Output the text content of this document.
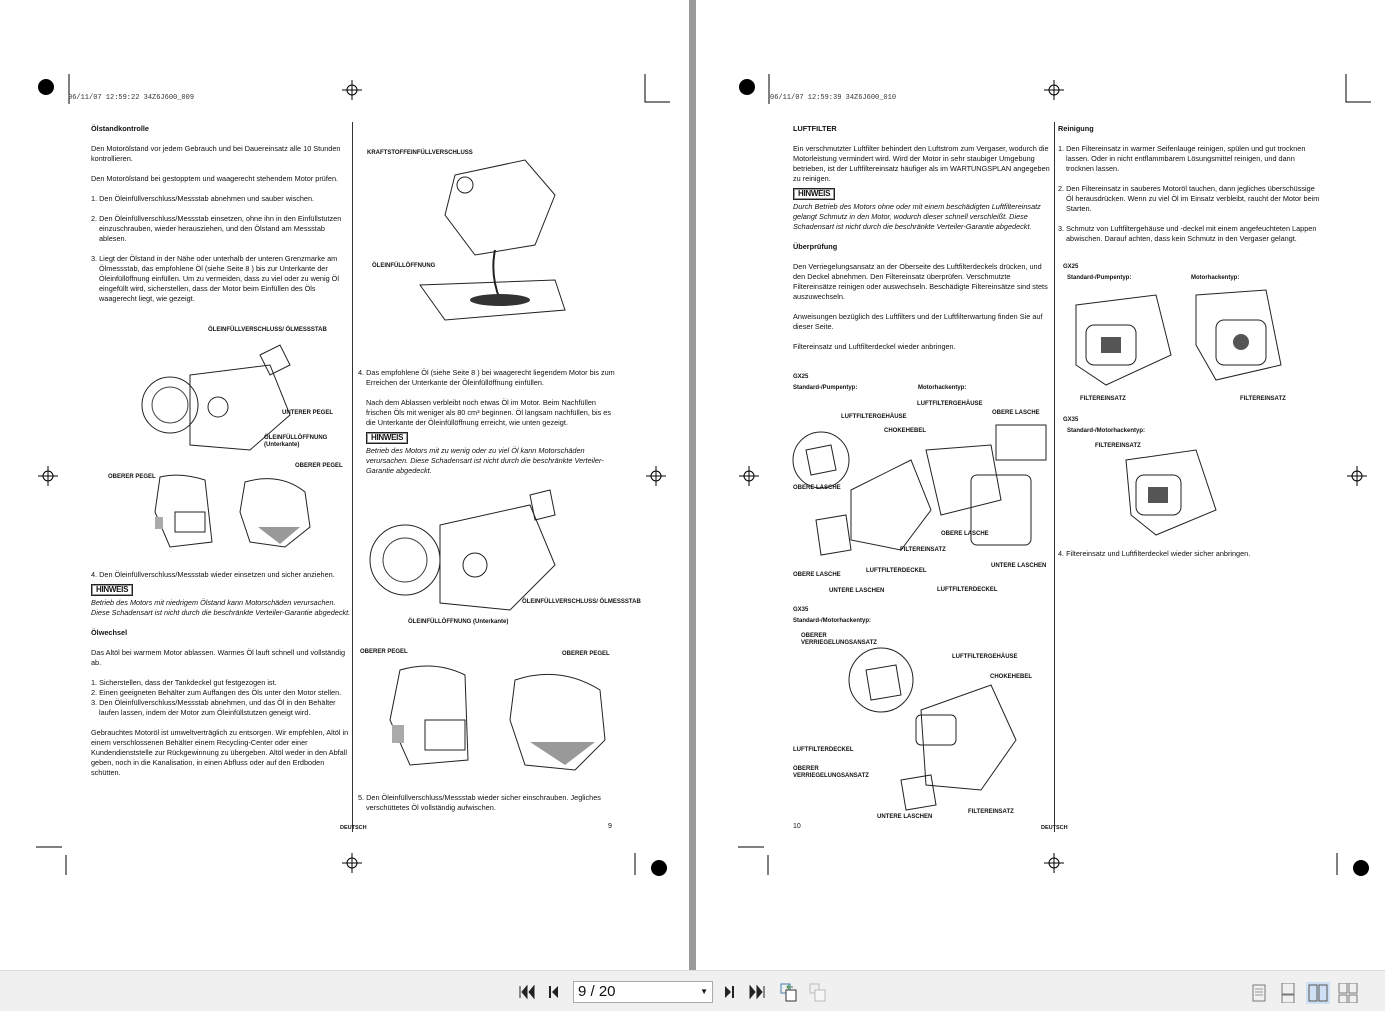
06/11/07 12:59:22 34Z6J600_009

Ölstandkontrolle

Den Motorölstand vor jedem Gebrauch und bei Dauereinsatz alle 10 Stunden kontrollieren.

Den Motorölstand bei gestopptem und waagerecht stehendem Motor prüfen.

1. Den Öleinfüllverschluss/Messstab abnehmen und sauber wischen.

2. Den Öleinfüllverschluss/Messstab einsetzen, ohne ihn in den Einfüllstutzen einzuschrauben, wieder herausziehen, und den Ölstand am Messstab ablesen.

3. Liegt der Ölstand in der Nähe oder unterhalb der unteren Grenzmarke am Ölmessstab, das empfohlene Öl (siehe Seite 8 ) bis zur Unterkante der Öleinfüllöffnung einfüllen. Um zu vermeiden, dass zu viel oder zu wenig Öl eingefüllt wird, sicherstellen, dass der Motor beim Einfüllen des Öls waagerecht liegt, wie gezeigt.

ÖLEINFÜLLVERSCHLUSS/ ÖLMESSSTAB
UNTERER PEGEL
ÖLEINFÜLLÖFFNUNG (Unterkante)
OBERER PEGEL
OBERER PEGEL

4. Den Öleinfüllverschluss/Messstab wieder einsetzen und sicher anziehen.

HINWEIS

Betrieb des Motors mit niedrigem Ölstand kann Motorschäden verursachen. Diese Schadensart ist nicht durch die beschränkte Verteiler-Garantie abgedeckt.

Ölwechsel

Das Altöl bei warmem Motor ablassen. Warmes Öl lauft schnell und vollständig ab.

1. Sicherstellen, dass der Tankdeckel gut festgezogen ist.
2. Einen geeigneten Behälter zum Auffangen des Öls unter den Motor stellen.

3. Den Öleinfüllverschluss/Messstab abnehmen, und das Öl in den Behälter laufen lassen, indem der Motor zum Öleinfüllstutzen geneigt wird.

Gebrauchtes Motoröl ist umweltverträglich zu entsorgen. Wir empfehlen, Altöl in einem verschlossenen Behälter einem Recycling-Center oder einer Kundendienststelle zur Rückgewinnung zu übergeben. Altöl weder in den Abfall geben, noch in die Kanalisation, in einen Abfluss oder auf den Erdboden schütten.

KRAFTSTOFFEINFÜLLVERSCHLUSS
ÖLEINFÜLLÖFFNUNG

4. Das empfohlene Öl (siehe Seite 8 ) bei waagerecht liegendem Motor bis zum Erreichen der Unterkante der Öleinfüllöffnung einfüllen.

Nach dem Ablassen verbleibt noch etwas Öl im Motor. Beim Nachfüllen frischen Öls mit weniger als 80 cm³ beginnen. Öl langsam nachfüllen, bis es die Unterkante der Öleinfüllöffnung erreicht, wie unten gezeigt.

HINWEIS

Betrieb des Motors mit zu wenig oder zu viel Öl kann Motorschäden verursachen. Diese Schadensart ist nicht durch die beschränkte Verteiler-Garantie abgedeckt.

ÖLEINFÜLLVERSCHLUSS/ ÖLMESSSTAB
ÖLEINFÜLLÖFFNUNG (Unterkante)
OBERER PEGEL	OBERER PEGEL

5. Den Öleinfüllverschluss/Messstab wieder sicher einschrauben. Jegliches verschüttetes Öl vollständig aufwischen.

DEUTSCH	9
06/11/07 12:59:39 34Z6J600_010

LUFTFILTER

Ein verschmutzter Luftfilter behindert den Luftstrom zum Vergaser, wodurch die Motorleistung vermindert wird. Wird der Motor in sehr staubiger Umgebung betrieben, ist der Luftfiltereinsatz häufiger als im WARTUNGSPLAN angegeben zu reinigen.

HINWEIS

Durch Betrieb des Motors ohne oder mit einem beschädigten Luftfiltereinsatz gelangt Schmutz in den Motor, wodurch dieser schnell verschleißt. Diese Schadensart ist nicht durch die beschränkte Verteiler-Garantie abgedeckt.

Überprüfung

Den Verriegelungsansatz an der Oberseite des Luftfilterdeckels drücken, und den Deckel abnehmen. Den Filtereinsatz überprüfen. Verschmutzte Filtereinsätze reinigen oder auswechseln. Beschädigte Filtereinsätze sind stets auszuwechseln.

Anweisungen bezüglich des Luftfilters und der Luftfilterwartung finden Sie auf dieser Seite.

Filtereinsatz und Luftfilterdeckel wieder anbringen.

GX25
Standard-/Pumpentyp:	Motorhackentyp:
LUFTFILTERGEHÄUSE
CHOKEHEBEL
LUFTFILTERGEHÄUSE
OBERE LASCHE
OBERE LASCHE
FILTEREINSATZ
OBERE LASCHE
OBERE LASCHE
LUFTFILTERDECKEL
UNTERE LASCHEN
UNTERE LASCHEN	LUFTFILTERDECKEL
GX35
Standard-/Motorhackentyp:
OBERER VERRIEGELUNGSANSATZ
LUFTFILTERGEHÄUSE
CHOKEHEBEL
LUFTFILTERDECKEL
OBERER VERRIEGELUNGSANSATZ
UNTERE LASCHEN
FILTEREINSATZ
10	DEUTSCH

Reinigung

1. Den Filtereinsatz in warmer Seifenlauge reinigen, spülen und gut trocknen lassen. Oder in nicht entflammbarem Lösungsmittel reinigen, und dann trocknen lassen.

2. Den Filtereinsatz in sauberes Motoröl tauchen, dann jegliches überschüssige Öl herausdrücken. Wenn zu viel Öl im Einsatz verbleibt, raucht der Motor beim Starten.

3. Schmutz von Luftfiltergehäuse und -deckel mit einem angefeuchteten Lappen abwischen. Darauf achten, dass kein Schmutz in den Vergaser gelangt.

GX25
Standard-/Pumpentyp:	Motorhackentyp:
FILTEREINSATZ	FILTEREINSATZ
GX35
Standard-/Motorhackentyp:
FILTEREINSATZ

4. Filtereinsatz und Luftfilterdeckel wieder sicher anbringen.

9 / 20	▼
